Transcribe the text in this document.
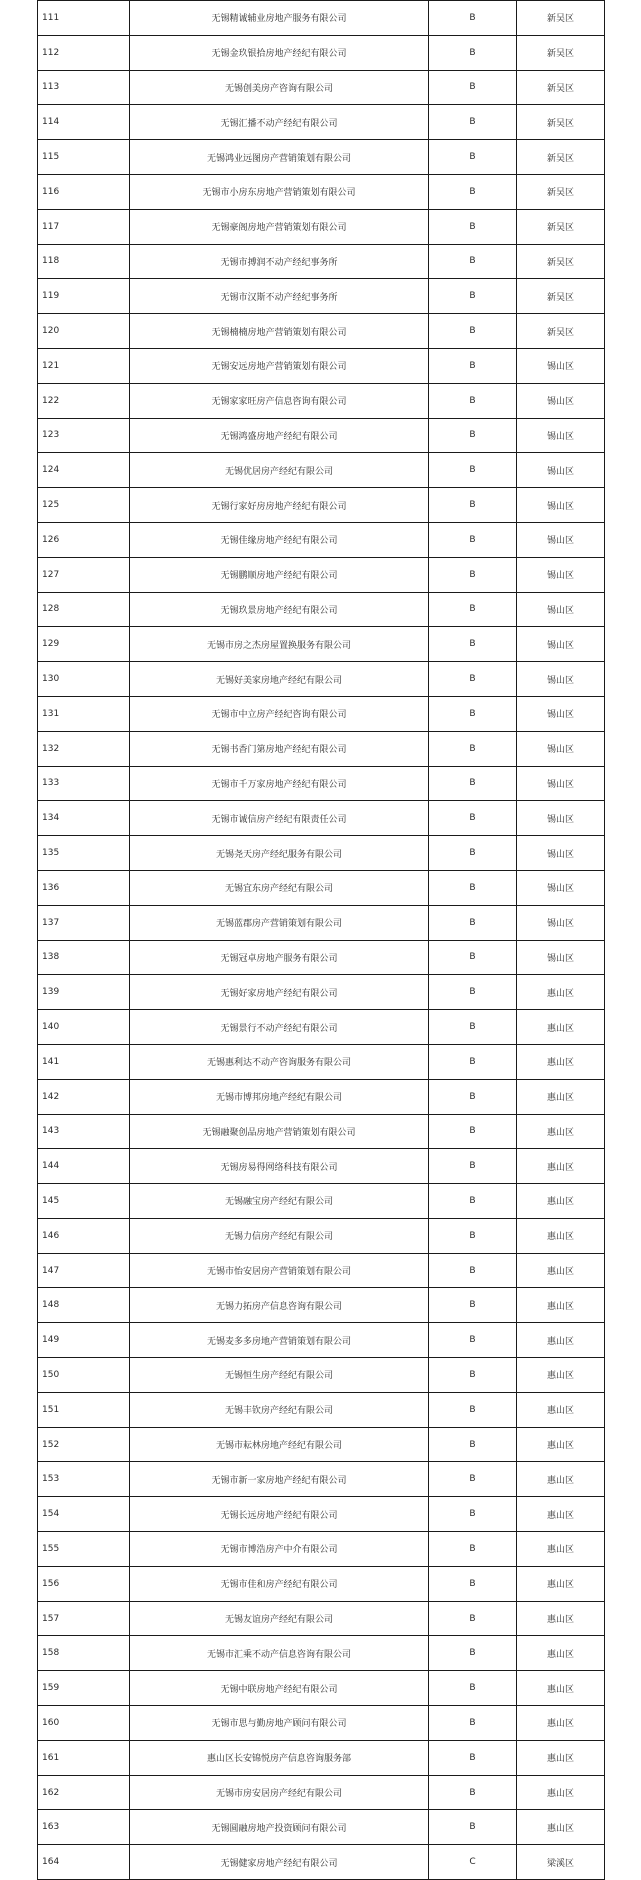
111	无锡精诚辅业房地产服务有限公司	B	新吴区
112	无锡金玖银拾房地产经纪有限公司	B	新吴区
113	无锡创美房产咨询有限公司	B	新吴区
114	无锡汇播不动产经纪有限公司	B	新吴区
115	无锡鸿业远图房产营销策划有限公司	B	新吴区
116	无锡市小房东房地产营销策划有限公司	B	新吴区
117	无锡豪阁房地产营销策划有限公司	B	新吴区
118	无锡市搏润不动产经纪事务所	B	新吴区
119	无锡市汉斯不动产经纪事务所	B	新吴区
120	无锡楠楠房地产营销策划有限公司	B	新吴区
121	无锡安远房地产营销策划有限公司	B	锡山区
122	无锡家家旺房产信息咨询有限公司	B	锡山区
123	无锡鸿盛房地产经纪有限公司	B	锡山区
124	无锡优居房产经纪有限公司	B	锡山区
125	无锡行家好房房地产经纪有限公司	B	锡山区
126	无锡佳缘房地产经纪有限公司	B	锡山区
127	无锡鹏顺房地产经纪有限公司	B	锡山区
128	无锡玖景房地产经纪有限公司	B	锡山区
129	无锡市房之杰房屋置换服务有限公司	B	锡山区
130	无锡好美家房地产经纪有限公司	B	锡山区
131	无锡市中立房产经纪咨询有限公司	B	锡山区
132	无锡书香门第房地产经纪有限公司	B	锡山区
133	无锡市千万家房地产经纪有限公司	B	锡山区
134	无锡市诚信房产经纪有限责任公司	B	锡山区
135	无锡尧天房产经纪服务有限公司	B	锡山区
136	无锡宜东房产经纪有限公司	B	锡山区
137	无锡蓝郡房产营销策划有限公司	B	锡山区
138	无锡冠卓房地产服务有限公司	B	锡山区
139	无锡好家房地产经纪有限公司	B	惠山区
140	无锡景行不动产经纪有限公司	B	惠山区
141	无锡惠利达不动产咨询服务有限公司	B	惠山区
142	无锡市博邦房地产经纪有限公司	B	惠山区
143	无锡融聚创品房地产营销策划有限公司	B	惠山区
144	无锡房易得网络科技有限公司	B	惠山区
145	无锡融宝房产经纪有限公司	B	惠山区
146	无锡力信房产经纪有限公司	B	惠山区
147	无锡市怡安居房产营销策划有限公司	B	惠山区
148	无锡力拓房产信息咨询有限公司	B	惠山区
149	无锡麦多多房地产营销策划有限公司	B	惠山区
150	无锡恒生房产经纪有限公司	B	惠山区
151	无锡丰钦房产经纪有限公司	B	惠山区
152	无锡市耘林房地产经纪有限公司	B	惠山区
153	无锡市新一家房地产经纪有限公司	B	惠山区
154	无锡长远房地产经纪有限公司	B	惠山区
155	无锡市博浩房产中介有限公司	B	惠山区
156	无锡市佳和房产经纪有限公司	B	惠山区
157	无锡友谊房产经纪有限公司	B	惠山区
158	无锡市汇乘不动产信息咨询有限公司	B	惠山区
159	无锡中联房地产经纪有限公司	B	惠山区
160	无锡市思与勤房地产顾问有限公司	B	惠山区
161	惠山区长安锦悦房产信息咨询服务部	B	惠山区
162	无锡市房安居房产经纪有限公司	B	惠山区
163	无锡圆融房地产投资顾问有限公司	B	惠山区
164	无锡健家房地产经纪有限公司	C	梁溪区
